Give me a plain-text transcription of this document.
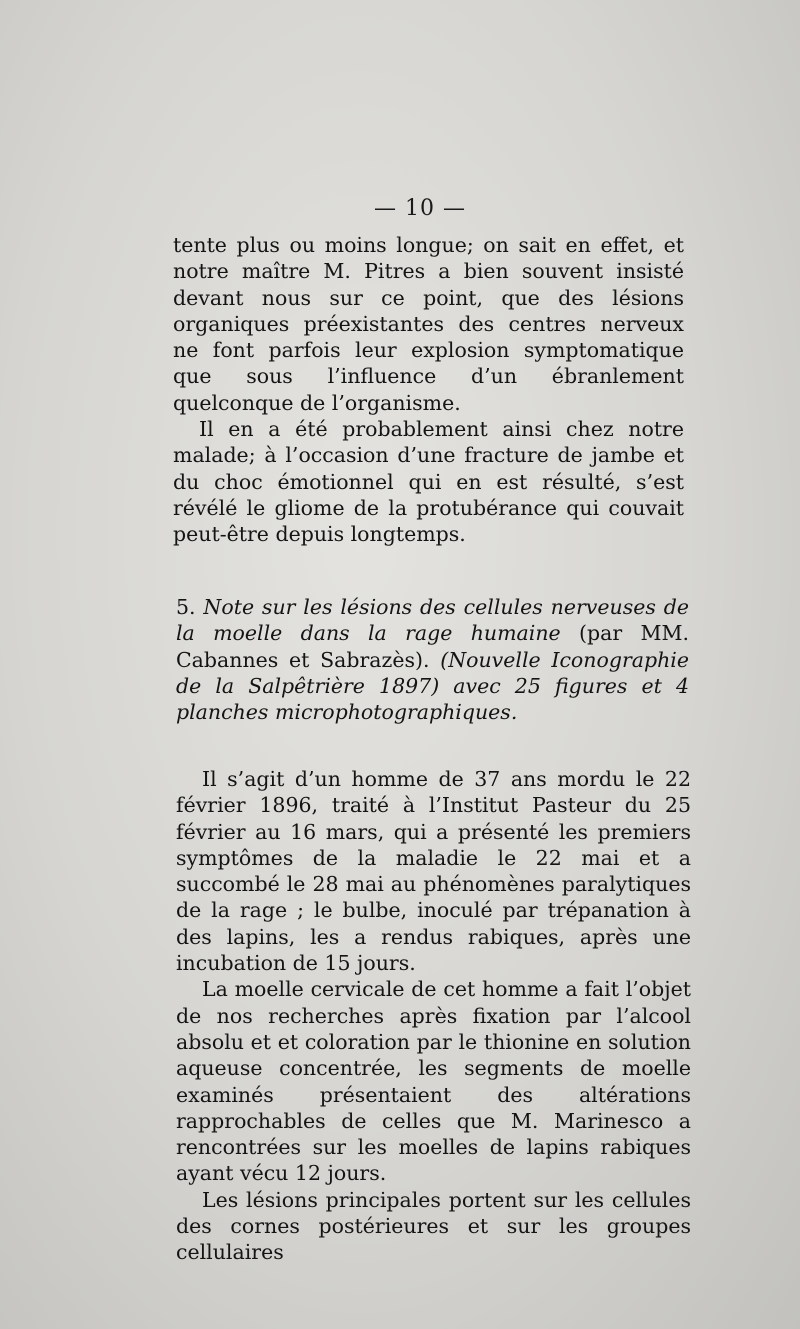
— 10 —

tente plus ou moins longue; on sait en effet, et notre maître M. Pitres a bien souvent insisté devant nous sur ce point, que des lésions organiques préexistantes des centres nerveux ne font parfois leur explosion symptomatique que sous l’influence d’un ébranlement quelconque de l’organisme.

Il en a été probablement ainsi chez notre malade; à l’occasion d’une fracture de jambe et du choc émotionnel qui en est résulté, s’est révélé le gliome de la protubérance qui couvait peut-être depuis longtemps.

5. Note sur les lésions des cellules nerveuses de la moelle dans la rage humaine (par MM. Cabannes et Sabrazès). (Nouvelle Iconographie de la Salpêtrière 1897) avec 25 figures et 4 planches microphotographiques.

Il s’agit d’un homme de 37 ans mordu le 22 février 1896, traité à l’Institut Pasteur du 25 février au 16 mars, qui a présenté les premiers symptômes de la maladie le 22 mai et a succombé le 28 mai au phénomènes paralytiques de la rage ; le bulbe, inoculé par trépanation à des lapins, les a rendus rabiques, après une incubation de 15 jours.

La moelle cervicale de cet homme a fait l’objet de nos recherches après fixation par l’alcool absolu et et coloration par le thionine en solution aqueuse concentrée, les segments de moelle examinés présentaient des altérations rapprochables de celles que M. Marinesco a rencontrées sur les moelles de lapins rabiques ayant vécu 12 jours.

Les lésions principales portent sur les cellules des cornes postérieures et sur les groupes cellulaires
